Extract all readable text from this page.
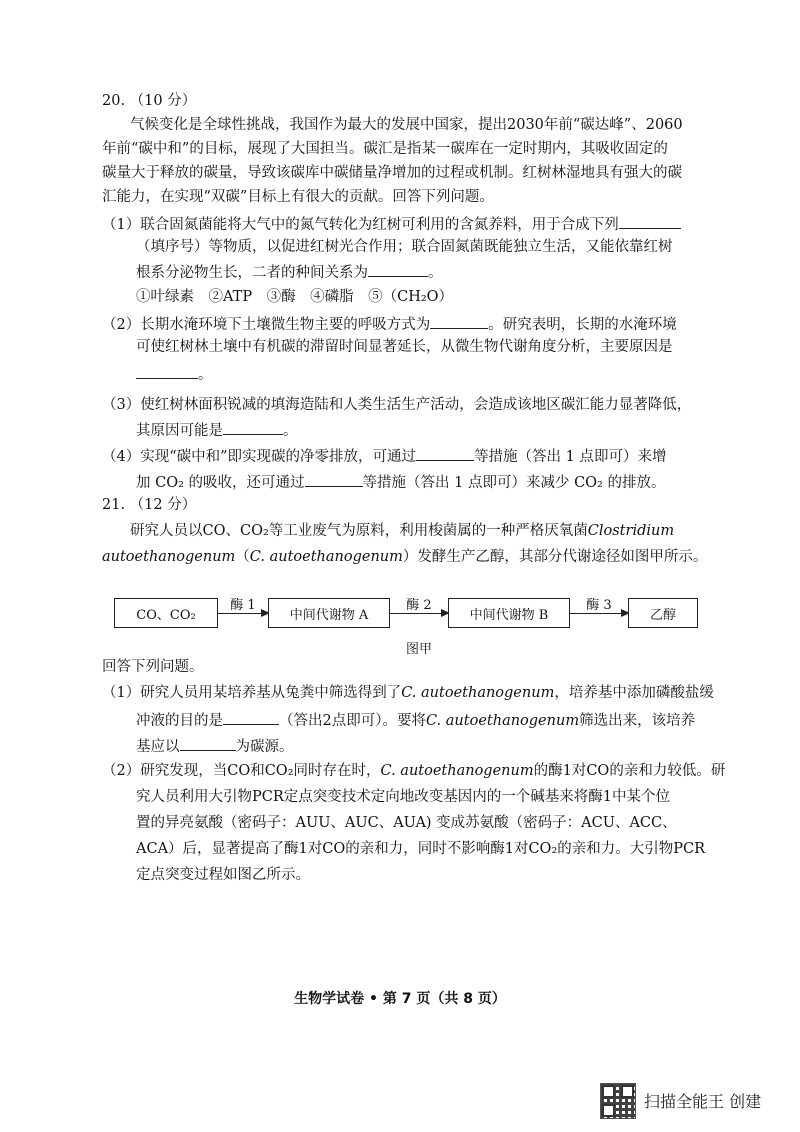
20. （10 分）
气候变化是全球性挑战，我国作为最大的发展中国家，提出2030年前“碳达峰”、2060
年前“碳中和”的目标，展现了大国担当。碳汇是指某一碳库在一定时期内，其吸收固定的
碳量大于释放的碳量，导致该碳库中碳储量净增加的过程或机制。红树林湿地具有强大的碳
汇能力，在实现“双碳”目标上有很大的贡献。回答下列问题。
（1）联合固氮菌能将大气中的氮气转化为红树可利用的含氮养料，用于合成下列
（填序号）等物质，以促进红树光合作用；联合固氮菌既能独立生活，又能依靠红树
根系分泌物生长，二者的种间关系为	。
①叶绿素　②ATP　③酶　④磷脂　⑤（CH₂O）
（2）长期水淹环境下土壤微生物主要的呼吸方式为	。研究表明，长期的水淹环境
可使红树林土壤中有机碳的滞留时间显著延长，从微生物代谢角度分析，主要原因是
。
（3）使红树林面积锐减的填海造陆和人类生活生产活动，会造成该地区碳汇能力显著降低，
其原因可能是	。
（4）实现“碳中和”即实现碳的净零排放，可通过	等措施（答出 1 点即可）来增
加 CO₂ 的吸收，还可通过	等措施（答出 1 点即可）来减少 CO₂ 的排放。
21. （12 分）
研究人员以CO、CO₂等工业废气为原料，利用梭菌属的一种严格厌氧菌Clostridium
autoethanogenum（C. autoethanogenum）发酵生产乙醇，其部分代谢途径如图甲所示。
CO、CO₂
酶 1
中间代谢物 A
酶 2
中间代谢物 B
酶 3
乙醇
图甲
回答下列问题。
（1）研究人员用某培养基从兔粪中筛选得到了C. autoethanogenum，培养基中添加磷酸盐缓
冲液的目的是	（答出2点即可）。要将C. autoethanogenum筛选出来，该培养
基应以	为碳源。
（2）研究发现，当CO和CO₂同时存在时，C. autoethanogenum的酶1对CO的亲和力较低。研
究人员利用大引物PCR定点突变技术定向地改变基因内的一个碱基来将酶1中某个位
置的异亮氨酸（密码子：AUU、AUC、AUA) 变成苏氨酸（密码子：ACU、ACC、
ACA）后，显著提高了酶1对CO的亲和力，同时不影响酶1对CO₂的亲和力。大引物PCR
定点突变过程如图乙所示。
生物学试卷 • 第 7 页（共 8 页）
扫描全能王 创建
